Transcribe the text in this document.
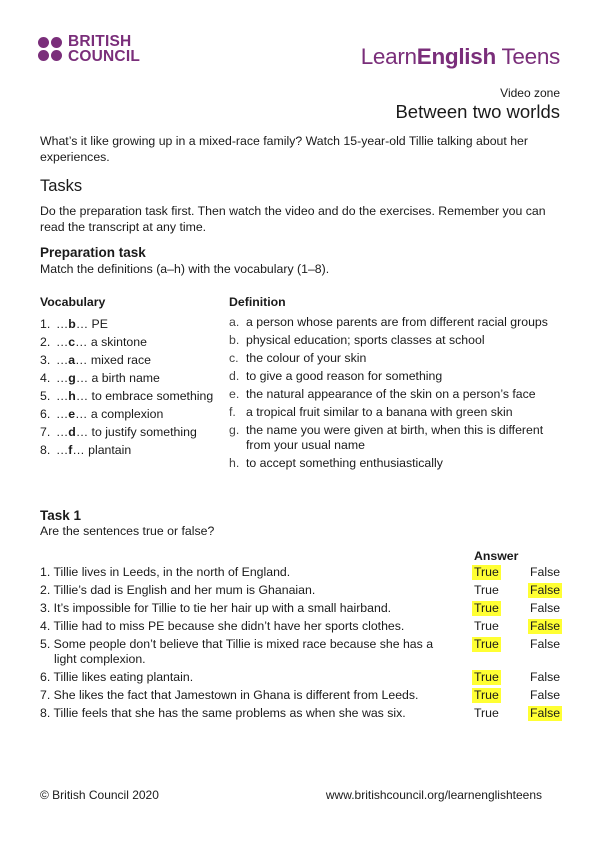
BRITISH
COUNCIL	LearnEnglish Teens
Video zone
Between two worlds

What’s it like growing up in a mixed-race family? Watch 15-year-old Tillie talking about her experiences.

Tasks

Do the preparation task first. Then watch the video and do the exercises. Remember you can read the transcript at any time.

Preparation task

Match the definitions (a–h) with the vocabulary (1–8).

Vocabulary	Definition
1. …b… PE
2. …c… a skintone
3. …a… mixed race
4. …g… a birth name
5. …h… to embrace something
6. …e… a complexion
7. …d… to justify something
8. …f… plantain
a. a person whose parents are from different racial groups
b. physical education; sports classes at school
c. the colour of your skin
d. to give a good reason for something
e. the natural appearance of the skin on a person’s face
f. a tropical fruit similar to a banana with green skin
g. the name you were given at birth, when this is different from your usual name
h. to accept something enthusiastically
Task 1

Are the sentences true or false?

Answer
1. Tillie lives in Leeds, in the north of England.	True	False
2. Tillie’s dad is English and her mum is Ghanaian.	True	False
3. It’s impossible for Tillie to tie her hair up with a small hairband.	True	False
4. Tillie had to miss PE because she didn’t have her sports clothes.	True	False
5. Some people don’t believe that Tillie is mixed race because she has a light complexion.
True	False
6. Tillie likes eating plantain.	True	False
7. She likes the fact that Jamestown in Ghana is different from Leeds.	True	False
8. Tillie feels that she has the same problems as when she was six.	True	False
© British Council 2020	www.britishcouncil.org/learnenglishteens
